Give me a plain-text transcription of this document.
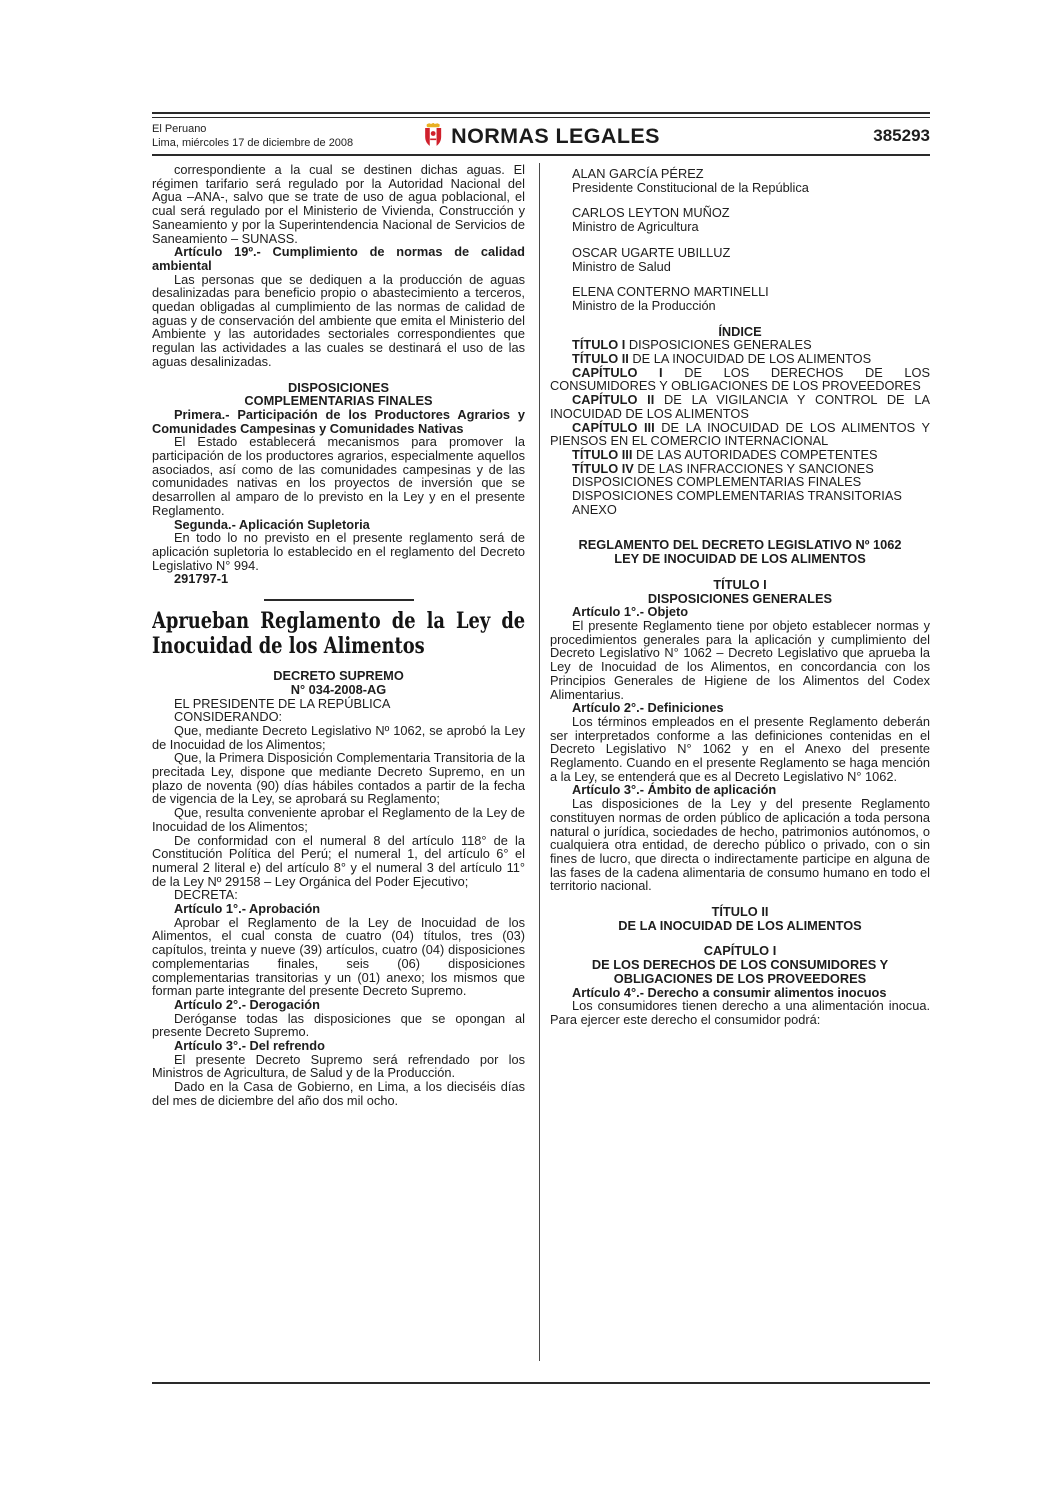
El Peruano
Lima, miércoles 17 de diciembre de 2008	NORMAS LEGALES	385293

correspondiente a la cual se destinen dichas aguas. El régimen tarifario será regulado por la Autoridad Nacional del Agua –ANA-, salvo que se trate de uso de agua poblacional, el cual será regulado por el Ministerio de Vivienda, Construcción y Saneamiento y por la Superintendencia Nacional de Servicios de Saneamiento – SUNASS.

Artículo 19º.- Cumplimiento de normas de calidad ambiental

Las personas que se dediquen a la producción de aguas desalinizadas para beneficio propio o abastecimiento a terceros, quedan obligadas al cumplimiento de las normas de calidad de aguas y de conservación del ambiente que emita el Ministerio del Ambiente y las autoridades sectoriales correspondientes que regulan las actividades a las cuales se destinará el uso de las aguas desalinizadas.

DISPOSICIONES
COMPLEMENTARIAS FINALES

Primera.- Participación de los Productores Agrarios y Comunidades Campesinas y Comunidades Nativas

El Estado establecerá mecanismos para promover la participación de los productores agrarios, especialmente aquellos asociados, así como de las comunidades campesinas y de las comunidades nativas en los proyectos de inversión que se desarrollen al amparo de lo previsto en la Ley y en el presente Reglamento.

Segunda.- Aplicación Supletoria

En todo lo no previsto en el presente reglamento será de aplicación supletoria lo establecido en el reglamento del Decreto Legislativo N° 994.

291797-1

Aprueban Reglamento de la Ley de
Inocuidad de los Alimentos
DECRETO SUPREMO
N° 034-2008-AG

EL PRESIDENTE DE LA REPÚBLICA

CONSIDERANDO:

Que, mediante Decreto Legislativo Nº 1062, se aprobó la Ley de Inocuidad de los Alimentos;

Que, la Primera Disposición Complementaria Transitoria de la precitada Ley, dispone que mediante Decreto Supremo, en un plazo de noventa (90) días hábiles contados a partir de la fecha de vigencia de la Ley, se aprobará su Reglamento;

Que, resulta conveniente aprobar el Reglamento de la Ley de Inocuidad de los Alimentos;

De conformidad con el numeral 8 del artículo 118° de la Constitución Política del Perú; el numeral 1, del artículo 6° el numeral 2 literal e) del artículo 8° y el numeral 3 del artículo 11° de la Ley Nº 29158 – Ley Orgánica del Poder Ejecutivo;

DECRETA:

Artículo 1°.- Aprobación

Aprobar el Reglamento de la Ley de Inocuidad de los Alimentos, el cual consta de cuatro (04) títulos, tres (03) capítulos, treinta y nueve (39) artículos, cuatro (04) disposiciones complementarias finales, seis (06) disposiciones complementarias transitorias y un (01) anexo; los mismos que forman parte integrante del presente Decreto Supremo.

Artículo 2°.- Derogación

Deróganse todas las disposiciones que se opongan al presente Decreto Supremo.

Artículo 3°.- Del refrendo

El presente Decreto Supremo será refrendado por los Ministros de Agricultura, de Salud y de la Producción.

Dado en la Casa de Gobierno, en Lima, a los dieciséis días del mes de diciembre del año dos mil ocho.

ALAN GARCÍA PÉREZ
Presidente Constitucional de la República
CARLOS LEYTON MUÑOZ
Ministro de Agricultura
OSCAR UGARTE UBILLUZ
Ministro de Salud
ELENA CONTERNO MARTINELLI
Ministro de la Producción

ÍNDICE

TÍTULO I DISPOSICIONES GENERALES

TÍTULO II DE LA INOCUIDAD DE LOS ALIMENTOS

CAPÍTULO I DE LOS DERECHOS DE LOS CONSUMIDORES Y OBLIGACIONES DE LOS PROVEEDORES

CAPÍTULO II DE LA VIGILANCIA Y CONTROL DE LA INOCUIDAD DE LOS ALIMENTOS

CAPÍTULO III DE LA INOCUIDAD DE LOS ALIMENTOS Y PIENSOS EN EL COMERCIO INTERNACIONAL

TÍTULO III DE LAS AUTORIDADES COMPETENTES

TÍTULO IV DE LAS INFRACCIONES Y SANCIONES

DISPOSICIONES COMPLEMENTARIAS FINALES

DISPOSICIONES COMPLEMENTARIAS TRANSITORIAS

ANEXO

REGLAMENTO DEL DECRETO LEGISLATIVO Nº 1062
LEY DE INOCUIDAD DE LOS ALIMENTOS
TÍTULO I
DISPOSICIONES GENERALES

Artículo 1°.- Objeto

El presente Reglamento tiene por objeto establecer normas y procedimientos generales para la aplicación y cumplimiento del Decreto Legislativo N° 1062 – Decreto Legislativo que aprueba la Ley de Inocuidad de los Alimentos, en concordancia con los Principios Generales de Higiene de los Alimentos del Codex Alimentarius.

Artículo 2°.- Definiciones

Los términos empleados en el presente Reglamento deberán ser interpretados conforme a las definiciones contenidas en el Decreto Legislativo N° 1062 y en el Anexo del presente Reglamento. Cuando en el presente Reglamento se haga mención a la Ley, se entenderá que es al Decreto Legislativo N° 1062.

Artículo 3°.- Ámbito de aplicación

Las disposiciones de la Ley y del presente Reglamento constituyen normas de orden público de aplicación a toda persona natural o jurídica, sociedades de hecho, patrimonios autónomos, o cualquiera otra entidad, de derecho público o privado, con o sin fines de lucro, que directa o indirectamente participe en alguna de las fases de la cadena alimentaria de consumo humano en todo el territorio nacional.

TÍTULO II
DE LA INOCUIDAD DE LOS ALIMENTOS
CAPÍTULO I
DE LOS DERECHOS DE LOS CONSUMIDORES Y
OBLIGACIONES DE LOS PROVEEDORES

Artículo 4°.- Derecho a consumir alimentos inocuos

Los consumidores tienen derecho a una alimentación inocua. Para ejercer este derecho el consumidor podrá:
